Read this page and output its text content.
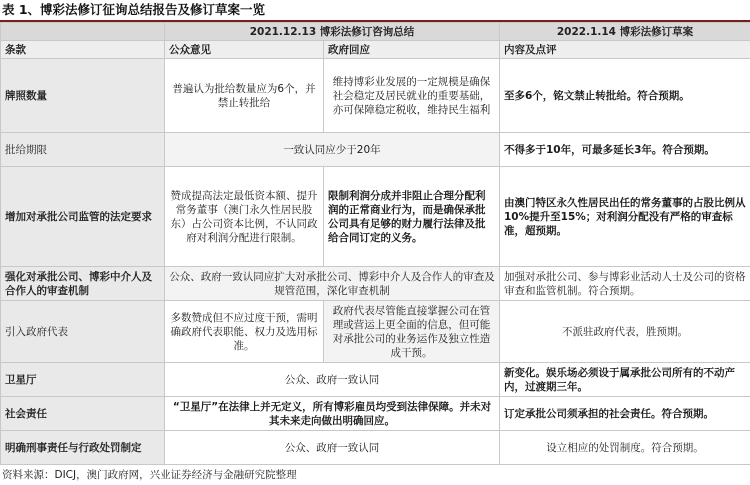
表 1、博彩法修订征询总结报告及修订草案一览
	2021.12.13 博彩法修订咨询总结		2022.1.14 博彩法修订草案
条款	公众意见	政府回应	内容及点评
牌照数量	普遍认为批给数量应为6个，并禁止转批给	维持博彩业发展的一定规模是确保社会稳定及居民就业的重要基础，亦可保障稳定税收，维持民生福利	至多6个，铭文禁止转批给。符合预期。
批给期限	一致认同应少于20年		不得多于10年，可最多延长3年。符合预期。
增加对承批公司监管的法定要求	赞成提高法定最低资本额、提升常务董事（澳门永久性居民股东）占公司资本比例，不认同政府对利润分配进行限制。	限制利润分成并非阻止合理分配利润的正常商业行为，而是确保承批公司具有足够的财力履行法律及批给合同订定的义务。	由澳门特区永久性居民出任的常务董事的占股比例从10%提升至15%；对利润分配没有严格的审查标准，超预期。
强化对承批公司、博彩中介人及合作人的审查机制	公众、政府一致认同应扩大对承批公司、博彩中介人及合作人的审查及规管范围，深化审查机制		加强对承批公司、参与博彩业活动人士及公司的资格审查和监管机制。符合预期。
引入政府代表	多数赞成但不应过度干预，需明确政府代表职能、权力及选用标准。	政府代表尽管能直接掌握公司在管理或营运上更全面的信息，但可能对承批公司的业务运作及独立性造成干预。	不派驻政府代表，胜预期。
卫星厅	公众、政府一致认同		新变化。娱乐场必须设于属承批公司所有的不动产内，过渡期三年。
社会责任	“卫星厅”在法律上并无定义，所有博彩雇员均受到法律保障。并未对其未来走向做出明确回应。		订定承批公司须承担的社会责任。符合预期。
明确刑事责任与行政处罚制定	公众、政府一致认同		设立相应的处罚制度。符合预期。
资料来源：DICJ，澳门政府网，兴业证券经济与金融研究院整理
